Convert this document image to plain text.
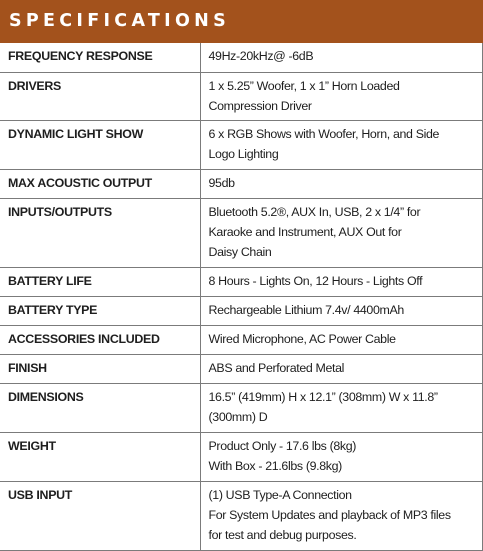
SPECIFICATIONS
FREQUENCY RESPONSE	49Hz-20kHz@ -6dB

DRIVERS	1 x 5.25” Woofer, 1 x 1” Horn Loaded
Compression Driver

DYNAMIC LIGHT SHOW	6 x RGB Shows with Woofer, Horn, and Side
Logo Lighting

MAX ACOUSTIC OUTPUT	95db

INPUTS/OUTPUTS	Bluetooth 5.2®, AUX In, USB, 2 x 1/4” for
Karaoke and Instrument, AUX Out for
Daisy Chain

BATTERY LIFE	8 Hours - Lights On, 12 Hours - Lights Off

BATTERY TYPE	Rechargeable Lithium 7.4v/ 4400mAh

ACCESSORIES INCLUDED	Wired Microphone, AC Power Cable

FINISH	ABS and Perforated Metal

DIMENSIONS	16.5” (419mm) H x 12.1” (308mm) W x 11.8”
(300mm) D

WEIGHT	Product Only - 17.6 lbs (8kg)
With Box - 21.6lbs (9.8kg)

USB INPUT	(1) USB Type-A Connection
For System Updates and playback of MP3 files
for test and debug purposes.
